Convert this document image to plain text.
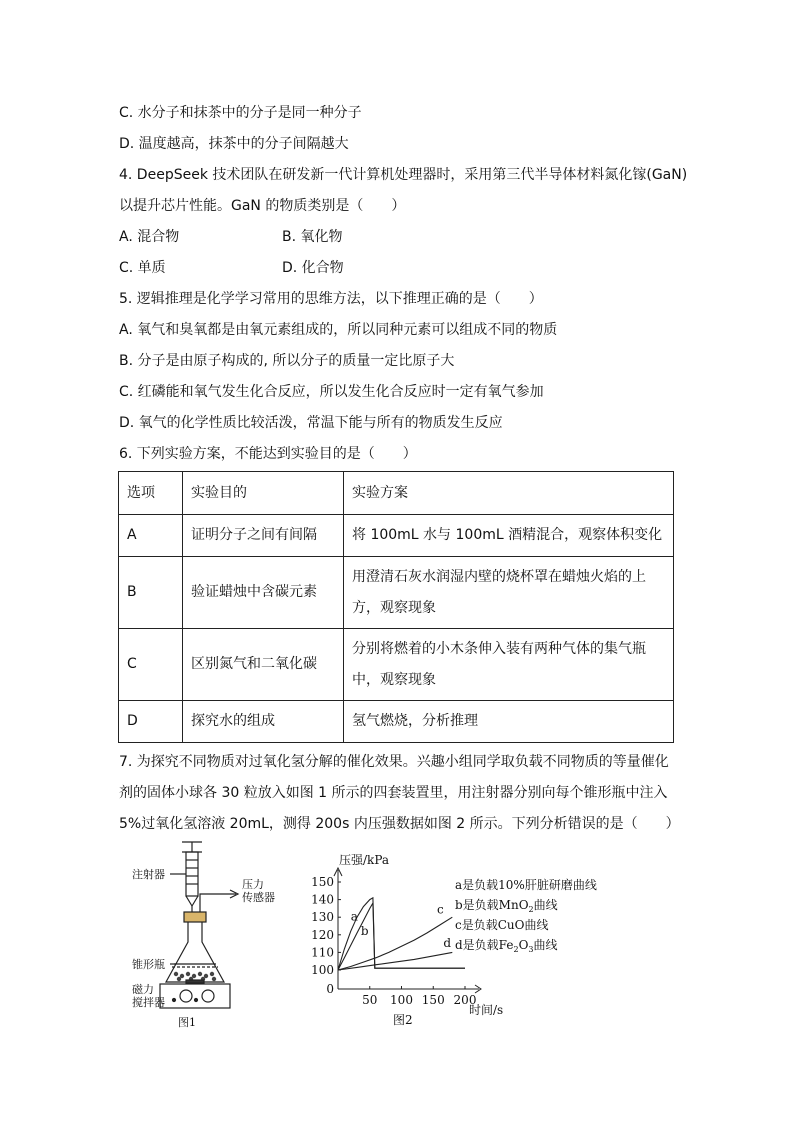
C. 水分子和抹茶中的分子是同一种分子
D. 温度越高，抹茶中的分子间隔越大
4. DeepSeek 技术团队在研发新一代计算机处理器时，采用第三代半导体材料氮化镓(GaN)
以提升芯片性能。GaN 的物质类别是（　　）
A. 混合物	B. 氧化物
C. 单质	D. 化合物
5. 逻辑推理是化学学习常用的思维方法，以下推理正确的是（　　）
A. 氧气和臭氧都是由氧元素组成的，所以同种元素可以组成不同的物质
B. 分子是由原子构成的, 所以分子的质量一定比原子大
C. 红磷能和氧气发生化合反应，所以发生化合反应时一定有氧气参加
D. 氧气的化学性质比较活泼，常温下能与所有的物质发生反应
6. 下列实验方案，不能达到实验目的是（　　）
选项	实验目的	实验方案
A	证明分子之间有间隔	将 100mL 水与 100mL 酒精混合，观察体积变化
B	验证蜡烛中含碳元素	用澄清石灰水润湿内壁的烧杯罩在蜡烛火焰的上
方，观察现象

C	区别氮气和二氧化碳	分别将燃着的小木条伸入装有两种气体的集气瓶
中，观察现象

D	探究水的组成	氢气燃烧，分析推理
7. 为探究不同物质对过氧化氢分解的催化效果。兴趣小组同学取负载不同物质的等量催化
剂的固体小球各 30 粒放入如图 1 所示的四套装置里，用注射器分别向每个锥形瓶中注入
5%过氧化氢溶液 20mL，测得 200s 内压强数据如图 2 所示。下列分析错误的是（　　）
注射器
压力
传感器
锥形瓶
磁力
搅拌器
图1
0
100
110
120
130
140
150
50 100 150 200
a
b
c
d
压强/kPa
时间/s
图2
a是负载10%肝脏研磨曲线
b是负载MnO$_2$曲线
c是负载CuO曲线
d是负载$Fe_2O_3$曲线
